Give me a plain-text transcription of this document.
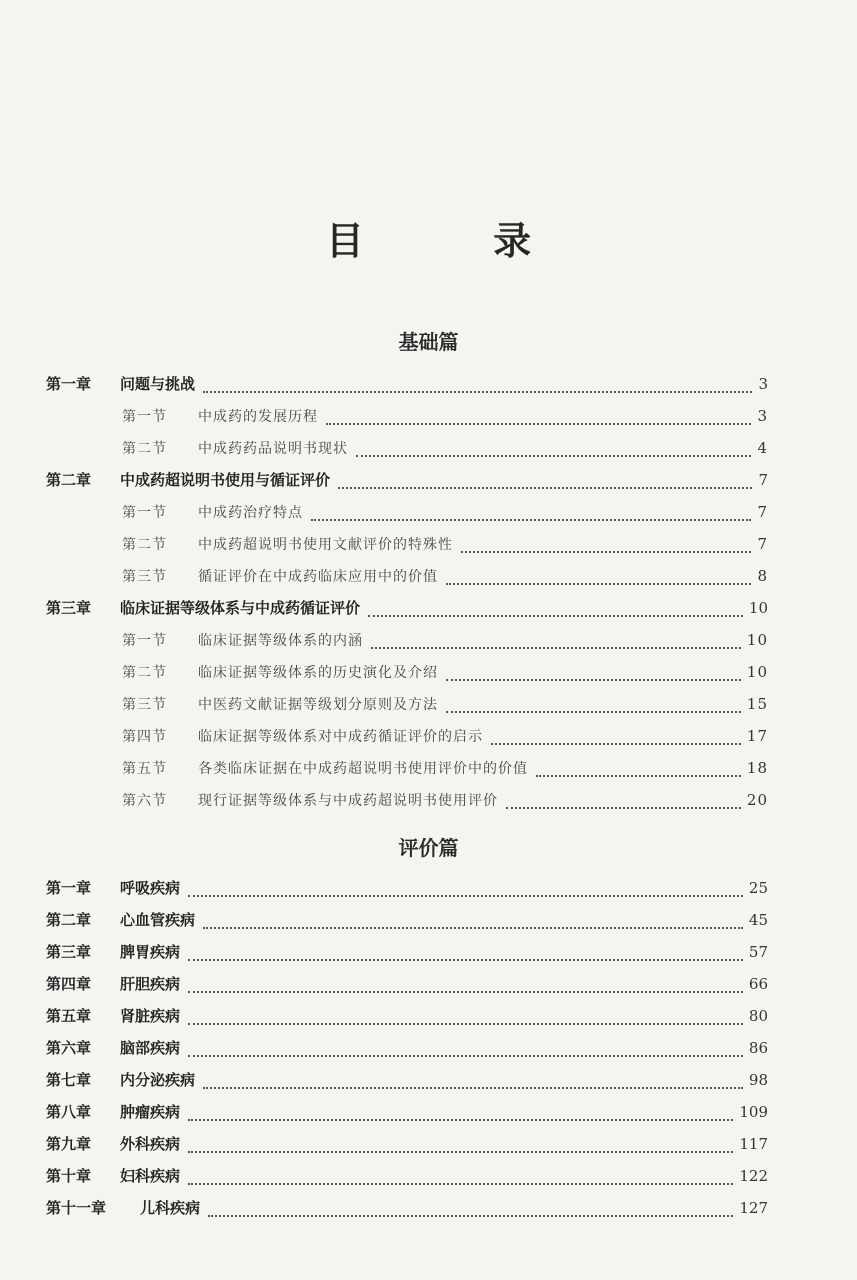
目 录
基础篇
第一章	问题与挑战	3
第一节	中成药的发展历程	3
第二节	中成药药品说明书现状	4
第二章	中成药超说明书使用与循证评价	7
第一节	中成药治疗特点	7
第二节	中成药超说明书使用文献评价的特殊性	7
第三节	循证评价在中成药临床应用中的价值	8
第三章	临床证据等级体系与中成药循证评价	10
第一节	临床证据等级体系的内涵	10
第二节	临床证据等级体系的历史演化及介绍	10
第三节	中医药文献证据等级划分原则及方法	15
第四节	临床证据等级体系对中成药循证评价的启示	17
第五节	各类临床证据在中成药超说明书使用评价中的价值	18
第六节	现行证据等级体系与中成药超说明书使用评价	20
评价篇
第一章	呼吸疾病	25
第二章	心血管疾病	45
第三章	脾胃疾病	57
第四章	肝胆疾病	66
第五章	肾脏疾病	80
第六章	脑部疾病	86
第七章	内分泌疾病	98
第八章	肿瘤疾病	109
第九章	外科疾病	117
第十章	妇科疾病	122
第十一章	儿科疾病	127
